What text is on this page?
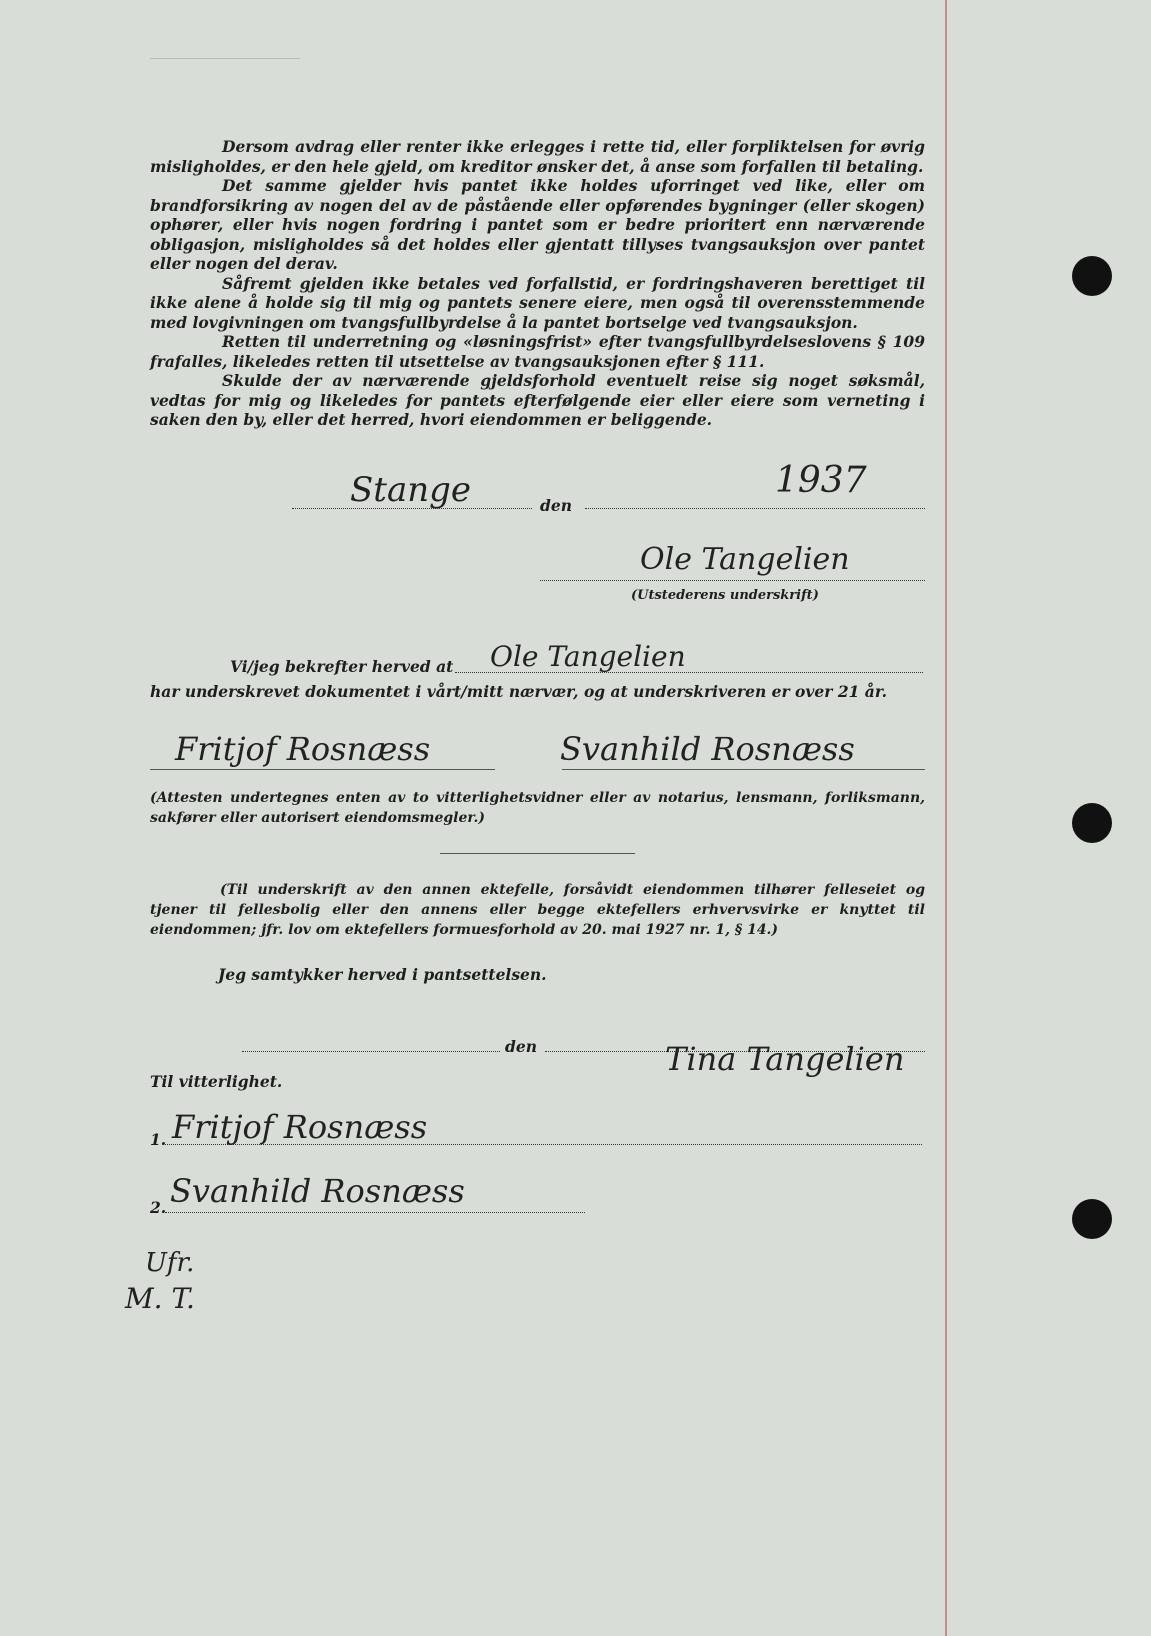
Dersom avdrag eller renter ikke erlegges i rette tid, eller forpliktelsen for øvrig misligholdes, er den hele gjeld, om kreditor ønsker det, å anse som forfallen til betaling.

Det samme gjelder hvis pantet ikke holdes uforringet ved like, eller om brandforsikring av nogen del av de påstående eller opførendes bygninger (eller skogen) ophører, eller hvis nogen fordring i pantet som er bedre prioritert enn nærværende obligasjon, misligholdes så det holdes eller gjentatt tillyses tvangsauksjon over pantet eller nogen del derav.

Såfremt gjelden ikke betales ved forfallstid, er fordringshaveren berettiget til ikke alene å holde sig til mig og pantets senere eiere, men også til overensstemmende med lovgivningen om tvangsfullbyrdelse å la pantet bortselge ved tvangsauksjon.

Retten til underretning og «løsningsfrist» efter tvangsfullbyrdelseslovens § 109 frafalles, likeledes retten til utsettelse av tvangsauksjonen efter § 111.

Skulde der av nærværende gjeldsforhold eventuelt reise sig noget søksmål, vedtas for mig og likeledes for pantets efterfølgende eier eller eiere som verneting i saken den by, eller det herred, hvori eiendommen er beliggende.

Stange	den
1937
Ole Tangelien
(Utstederens underskrift)
Vi/jeg bekrefter herved at Ole Tangelien
har underskrevet dokumentet i vårt/mitt nærvær, og at underskriveren er over 21 år.
Fritjof Rosnæss	Svanhild Rosnæss
(Attesten undertegnes enten av to vitterlighetsvidner eller av notarius, lensmann, forliksmann, sakfører eller autorisert eiendomsmegler.)
(Til underskrift av den annen ektefelle, forsåvidt eiendommen tilhører felleseiet og tjener til fellesbolig eller den annens eller begge ektefellers erhvervsvirke er knyttet til eiendommen; jfr. lov om ektefellers formuesforhold av 20. mai 1927 nr. 1, § 14.)
Jeg samtykker herved i pantsettelsen.
den	Tina Tangelien
Til vitterlighet.
1. Fritjof Rosnæss
2. Svanhild Rosnæss
Ufr.
M. T.
